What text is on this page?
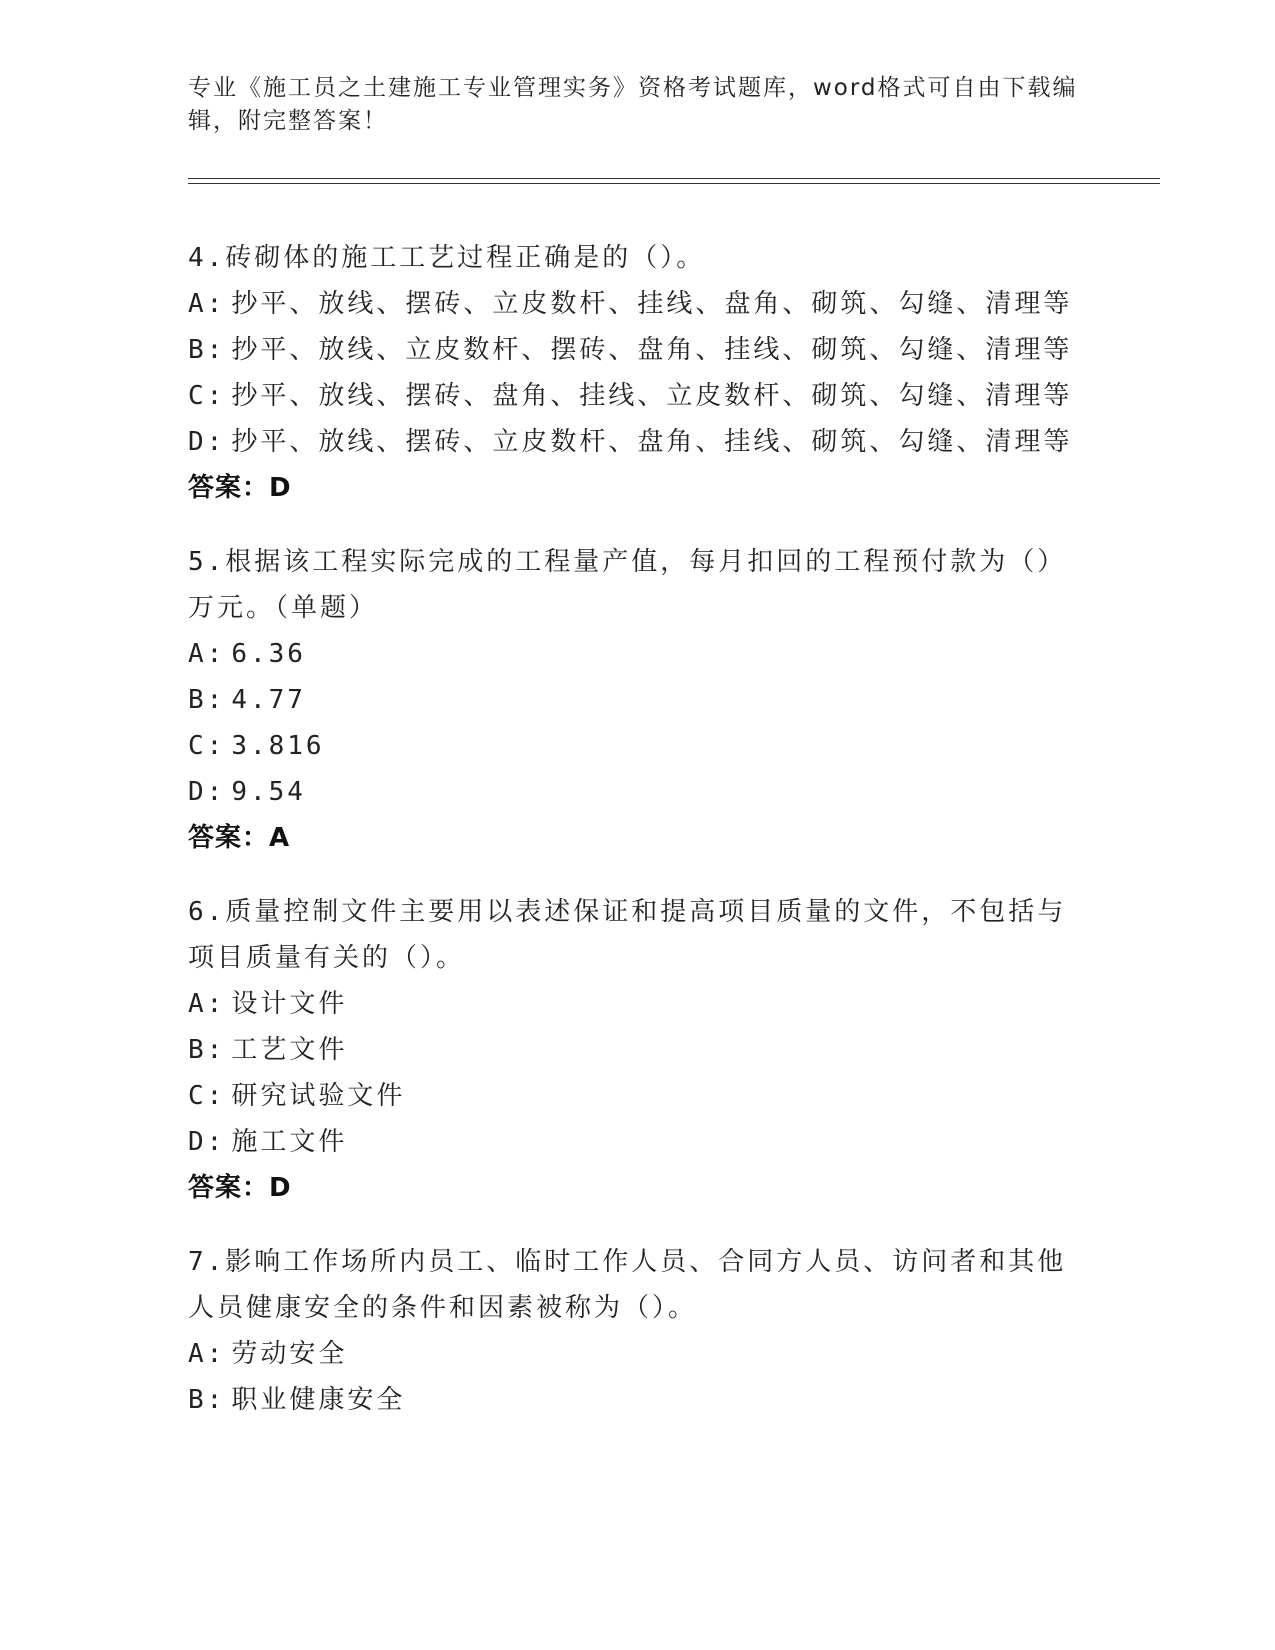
专业《施工员之土建施工专业管理实务》资格考试题库，word格式可自由下载编
辑，附完整答案！
4.砖砌体的施工工艺过程正确是的（）。
A: 抄平、放线、摆砖、立皮数杆、挂线、盘角、砌筑、勾缝、清理等
B: 抄平、放线、立皮数杆、摆砖、盘角、挂线、砌筑、勾缝、清理等
C: 抄平、放线、摆砖、盘角、挂线、立皮数杆、砌筑、勾缝、清理等
D: 抄平、放线、摆砖、立皮数杆、盘角、挂线、砌筑、勾缝、清理等
答案：D
5.根据该工程实际完成的工程量产值，每月扣回的工程预付款为（）万元。（单题）
A: 6.36
B: 4.77
C: 3.816
D: 9.54
答案：A
6.质量控制文件主要用以表述保证和提高项目质量的文件，不包括与项目质量有关的（）。
A: 设计文件
B: 工艺文件
C: 研究试验文件
D: 施工文件
答案：D
7.影响工作场所内员工、临时工作人员、合同方人员、访问者和其他人员健康安全的条件和因素被称为（）。
A: 劳动安全
B: 职业健康安全
